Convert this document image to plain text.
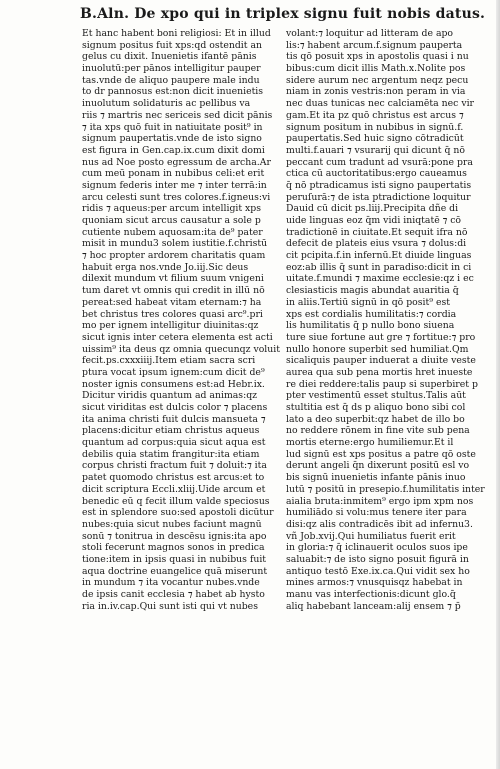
B.Aln. De xpo qui in triplex signu fuit nobis datus.
Et hanc habent boni religiosi: Et in illud
signum positus fuit xps:qd ostendit an
gelus cu dixit. Inuenietis ifantē pānis
inuolutū:per pānos intelligitur pauper
tas.vnde de aliquo paupere male indu
to dr pannosus est:non dicit inuenietis
inuolutum solidaturis ac pellibus va
riis ⁊ martris nec sericeis sed dicit pānis
⁊ ita xps quō fuit in natiuitate posit⁹ in
signum paupertatis.vnde de isto signo
est figura in Gen.cap.ix.cum dixit domi
nus ad Noe posto egressum de archa.Ar
cum meū ponam in nubibus celi:et erit
signum federis inter me ⁊ inter terrā:in
arcu celesti sunt tres colores.f.igneus:vi
ridis ⁊ aqueus:per arcum intelligit xps
quoniam sicut arcus causatur a sole p
cutiente nubem aquosam:ita de⁹ pater
misit in mundu3 solem iustitie.f.christū
⁊ hoc propter ardorem charitatis quam
habuit erga nos.vnde Jo.iij.Sic deus
dilexit mundum vt filium suum vnigeni
tum daret vt omnis qui credit in illū nō
pereat:sed habeat vitam eternam:⁊ ha
bet christus tres colores quasi arc⁹.pri
mo per ignem intelligitur diuinitas:qz
sicut ignis inter cetera elementa est acti
uissim⁹ ita deus qz omnia quecunqz voluit
fecit.ps.cxxxiiij.Item etiam sacra scri
ptura vocat ipsum ignem:cum dicit de⁹
noster ignis consumens est:ad Hebr.ix.
Dicitur viridis quantum ad animas:qz
sicut viriditas est dulcis color ⁊ placens
ita anima christi fuit dulcis mansueta ⁊
placens:dicitur etiam christus aqueus
quantum ad corpus:quia sicut aqua est
debilis quia statim frangitur:ita etiam
corpus christi fractum fuit ⁊ doluit:⁊ ita
patet quomodo christus est arcus:et to
dicit scriptura Eccli.xliij.Uide arcum et
benedic eū q fecit illum valde speciosus
est in splendore suo:sed apostoli dicūtur
nubes:quia sicut nubes faciunt magnū
sonū ⁊ tonitrua in descēsu ignis:ita apo
stoli fecerunt magnos sonos in predica
tione:item in ipsis quasi in nubibus fuit
aqua doctrine euangelice quā miserunt
in mundum ⁊ ita vocantur nubes.vnde
de ipsis canit ecclesia ⁊ habet ab hysto
ria in.iv.cap.Qui sunt isti qui vt nubes
volant:⁊ loquitur ad litteram de apo
lis:⁊ habent arcum.f.signum pauperta
tis qō posuit xps in apostolis quasi i nu
bibus:cum dicit illis Math.x.Nolite pos
sidere aurum nec argentum neqz pecu
niam in zonis vestris:non peram in via
nec duas tunicas nec calciamēta nec vir
gam.Et ita pz quō christus est arcus ⁊
signum positum in nubibus in signū.f.
paupertatis.Sed huic signo cōtradicūt
multi.f.auari ⁊ vsurarij qui dicunt q̄ nō
peccant cum tradunt ad vsurā:pone pra
ctica cū auctoritatibus:ergo caueamus
q̄ nō ptradicamus isti signo paupertatis
peruſurā:⁊ de ista ptradictione loquitur
Dauid cū dicit ps.liij.Precipita dñe di
uide linguas eoz q̄m vidi iniqtatē ⁊ cō
tradictionē in ciuitate.Et sequit ifra nō
defecit de plateis eius vsura ⁊ dolus:di
cit pcipita.f.in infernū.Et diuide linguas
eoz:ab illis q̄ sunt in paradiso:dicit in ci
uitate.f.mundi ⁊ maxime ecclesie:qz i ec
clesiasticis magis abundat auaritia q̄
in aliis.Tertiū signū in qō posit⁹ est
xps est cordialis humilitatis:⁊ cordia
lis humilitatis q̄ p nullo bono siuena
ture siue fortune aut gre ⁊ fortitue:⁊ pro
nullo honore superbit sed humiliat.Qm
sicaliquis pauper induerat a diuite veste
aurea qua sub pena mortis hret inueste
re diei reddere:talis paup si superbiret p
pter vestimentū esset stultus.Talis aūt
stultitia est q̄ ds p aliquo bono sibi col
lato a deo superbit:qz habet de illo bo
no reddere rōnem in fine vite sub pena
mortis eterne:ergo humiliemur.Et il
lud signū est xps positus a patre qō oste
derunt angeli q̄n dixerunt positū esl vo
bis signū inuenietis infante pānis inuo
lutū ⁊ positū in presepio.f.humilitatis inter
aialia bruta:inmitem⁹ ergo ipm xpm nos
humiliādo si volu:mus tenere iter para
disi:qz alis contradicēs ibit ad infernu3.
vñ Job.xvij.Qui humiliatus fuerit erit
in gloria:⁊ q̄ iclinauerit oculos suos ipe
saluabit:⁊ de isto signo posuit figurā in
antiquo testō Exe.ix.ca.Qui vidit sex ho
mines armos:⁊ vnusquisqz habebat in
manu vas interfectionis:dicunt glo.q̄
aliq habebant lanceam:alij ensem ⁊ p̄
